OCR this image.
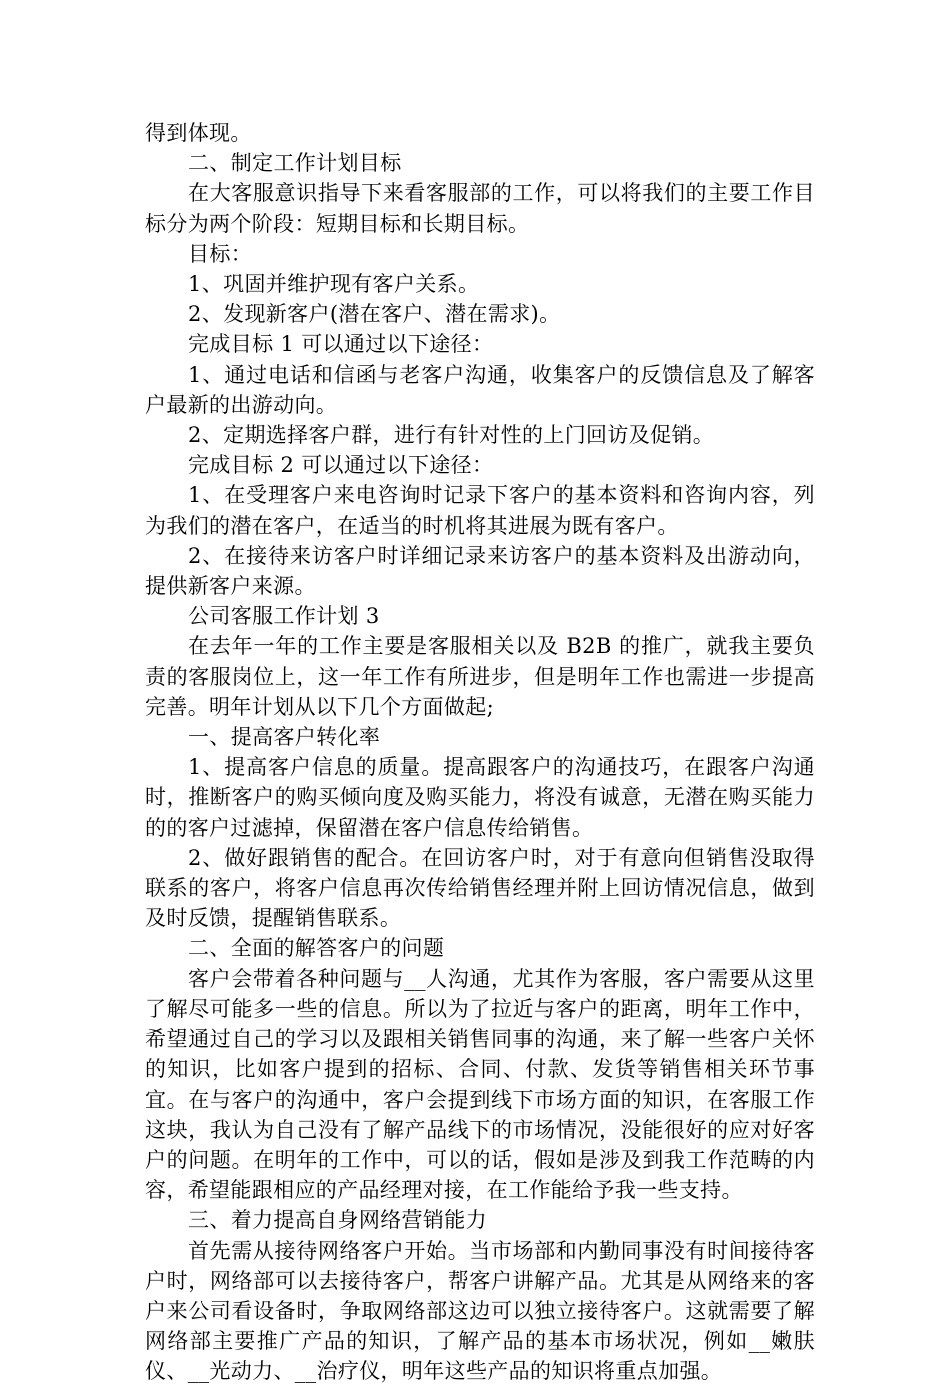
得到体现。

二、制定工作计划目标

在大客服意识指导下来看客服部的工作，可以将我们的主要工作目标分为两个阶段：短期目标和长期目标。

目标：

1、巩固并维护现有客户关系。

2、发现新客户(潜在客户、潜在需求)。

完成目标 1 可以通过以下途径：

1、通过电话和信函与老客户沟通，收集客户的反馈信息及了解客户最新的出游动向。

2、定期选择客户群，进行有针对性的上门回访及促销。

完成目标 2 可以通过以下途径：

1、在受理客户来电咨询时记录下客户的基本资料和咨询内容，列为我们的潜在客户，在适当的时机将其进展为既有客户。

2、在接待来访客户时详细记录来访客户的基本资料及出游动向，提供新客户来源。

公司客服工作计划 3

在去年一年的工作主要是客服相关以及 B2B 的推广，就我主要负责的客服岗位上，这一年工作有所进步，但是明年工作也需进一步提高完善。明年计划从以下几个方面做起;

一、提高客户转化率

1、提高客户信息的质量。提高跟客户的沟通技巧，在跟客户沟通时，推断客户的购买倾向度及购买能力，将没有诚意，无潜在购买能力的的客户过滤掉，保留潜在客户信息传给销售。

2、做好跟销售的配合。在回访客户时，对于有意向但销售没取得联系的客户，将客户信息再次传给销售经理并附上回访情况信息，做到及时反馈，提醒销售联系。

二、全面的解答客户的问题

客户会带着各种问题与__人沟通，尤其作为客服，客户需要从这里了解尽可能多一些的信息。所以为了拉近与客户的距离，明年工作中，希望通过自己的学习以及跟相关销售同事的沟通，来了解一些客户关怀的知识，比如客户提到的招标、合同、付款、发货等销售相关环节事宜。在与客户的沟通中，客户会提到线下市场方面的知识，在客服工作这块，我认为自己没有了解产品线下的市场情况，没能很好的应对好客户的问题。在明年的工作中，可以的话，假如是涉及到我工作范畴的内容，希望能跟相应的产品经理对接，在工作能给予我一些支持。

三、着力提高自身网络营销能力

首先需从接待网络客户开始。当市场部和内勤同事没有时间接待客户时，网络部可以去接待客户，帮客户讲解产品。尤其是从网络来的客户来公司看设备时，争取网络部这边可以独立接待客户。这就需要了解网络部主要推广产品的知识，了解产品的基本市场状况，例如__嫩肤仪、__光动力、__治疗仪，明年这些产品的知识将重点加强。
